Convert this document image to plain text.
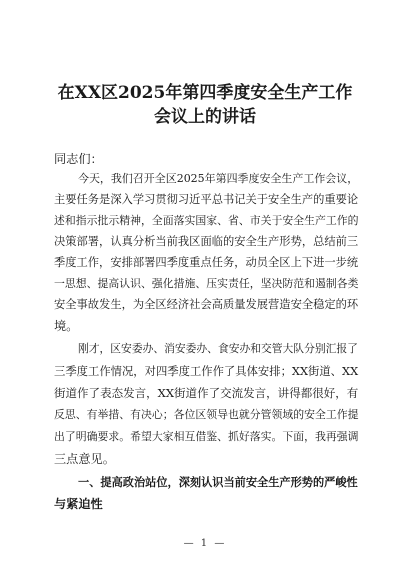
在XX区2025年第四季度安全生产工作
会议上的讲话

同志们：

今天，我们召开全区2025年第四季度安全生产工作会议，

主要任务是深入学习贯彻习近平总书记关于安全生产的重要论

述和指示批示精神，全面落实国家、省、市关于安全生产工作的

决策部署，认真分析当前我区面临的安全生产形势，总结前三

季度工作，安排部署四季度重点任务，动员全区上下进一步统

一思想、提高认识、强化措施、压实责任，坚决防范和遏制各类

安全事故发生，为全区经济社会高质量发展营造安全稳定的环

境。

刚才，区安委办、消安委办、食安办和交管大队分别汇报了

三季度工作情况，对四季度工作作了具体安排；XX街道、XX

街道作了表态发言，XX街道作了交流发言，讲得都很好，有

反思、有举措、有决心；各位区领导也就分管领域的安全工作提

出了明确要求。希望大家相互借鉴、抓好落实。下面，我再强调

三点意见。

一、提高政治站位，深刻认识当前安全生产形势的严峻性

与紧迫性

— 1 —
